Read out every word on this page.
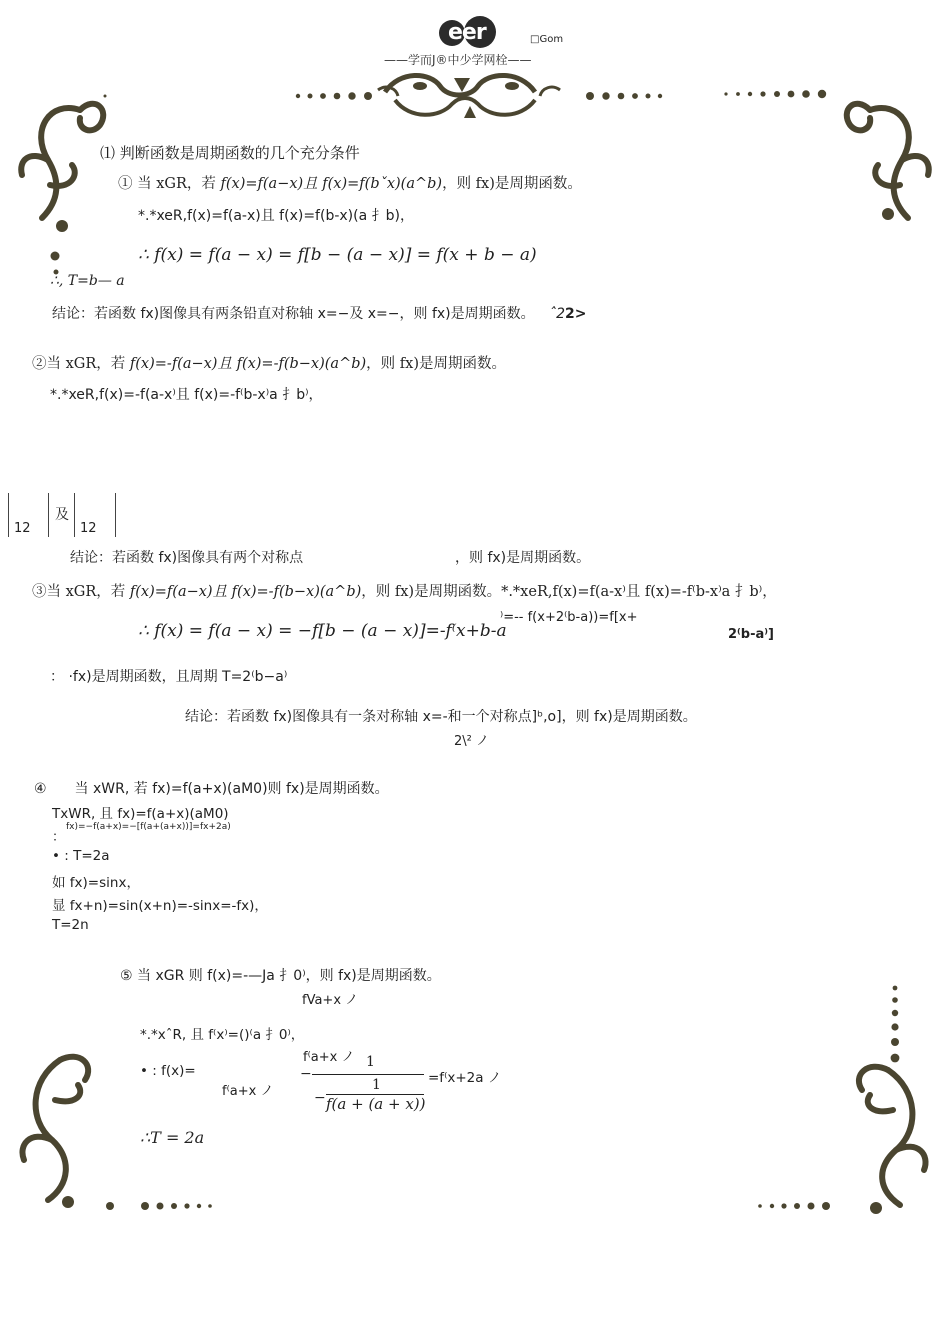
eer	□Gom
——学而J®中少学网栓——
⑴ 判断函数是周期函数的几个充分条件
① 当 xGR，若 f(x)=f(a−x)且 f(x)=f(bˇx)(a^b)，则 fx)是周期函数。
*.*xeR,f(x)=f(a-x)且 f(x)=f(b-x)(a 扌b)，
∴ f(x) = f(a − x) = f[b − (a − x)] = f(x + b − a)
∴, T=b— a
结论：若函数 fx)图像具有两条铅直对称轴 x=−及 x=−，则 fx)是周期函数。 ˆ22>
②当 xGR，若 f(x)=-f(a−x)且 f(x)=-f(b−x)(a^b)，则 fx)是周期函数。
*.*xeR,f(x)=-f(a-x⁾且 f(x)=-f⁽b-x⁾a 扌b⁾，
12
及
12
结论：若函数 fx)图像具有两个对称点	，则 fx)是周期函数。
③当 xGR，若 f(x)=f(a−x)且 f(x)=-f(b−x)(a^b)，则 fx)是周期函数。*.*xeR,f(x)=f(a-x⁾且 f(x)=-f⁽b-x⁾a 扌b⁾，
⁾=-- f(x+2⁽b-a))=f[x+
∴ f(x) = f(a − x) = −f[b − (a − x)]=-f⁽x+b-a	2⁽b-a⁾]
： ·fx)是周期函数，且周期 T=2⁽b−a⁾
结论：若函数 fx)图像具有一条对称轴 x=-和一个对称点]ᵇ,o]，则 fx)是周期函数。
2\² ノ
④　　当 xWR, 若 fx)=f(a+x)(aM0)则 fx)是周期函数。
TxWR, 且 fx)=f(a+x)(aM0)
：
fx)=−f(a+x)=−[f(a+(a+x))]=fx+2a)
• : T=2a
如 fx)=sinx，
显 fx+n)=sin(x+n)=-sinx=-fx)，
T=2n
⑤ 当 xGR 则 f(x)=-—Ja 扌0⁾，则 fx)是周期函数。
fVa+x ノ
*.*xˆR, 且 f⁽x⁾=()⁽a 扌0⁾，
f⁽a+x ノ
• : f(x)=
1
−	=f⁽x+2a ノ
f⁽a+x ノ	1
− f(a + (a + x))
∴T = 2a
